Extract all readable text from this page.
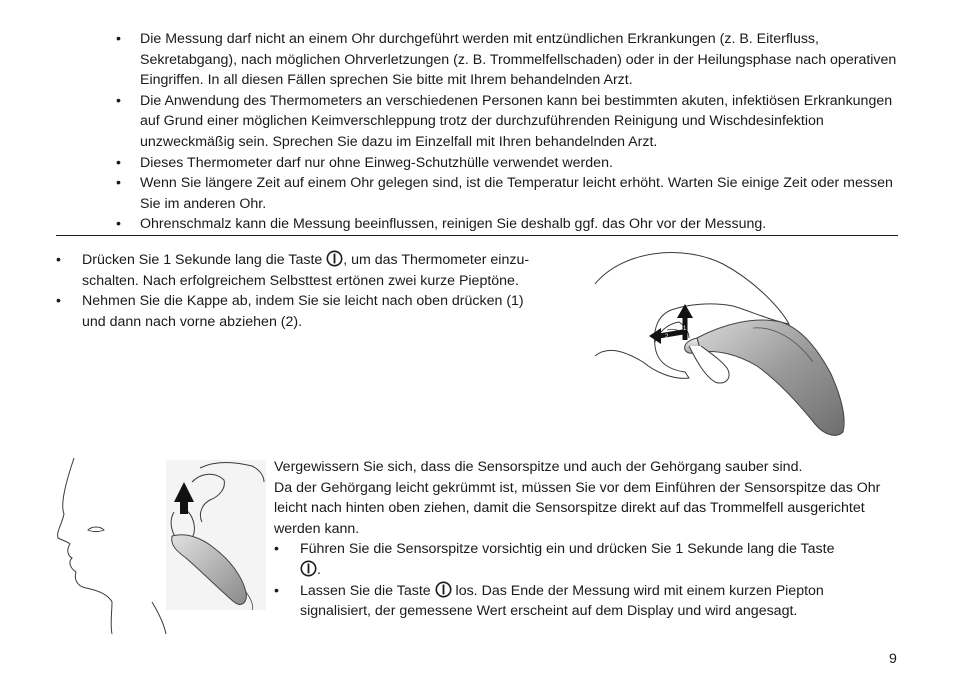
• Die Messung darf nicht an einem Ohr durchgeführt werden mit entzündlichen Erkrankungen (z. B. Eiterfluss, Sekretabgang), nach möglichen Ohrverletzungen (z. B. Trommelfellschaden) oder in der Heilungsphase nach operativen Eingriffen. In all diesen Fällen sprechen Sie bitte mit Ihrem behandelnden Arzt.
• Die Anwendung des Thermometers an verschiedenen Personen kann bei bestimmten akuten, infektiösen Erkrankungen auf Grund einer möglichen Keimverschleppung trotz der durchzuführenden Reinigung und Wischdesinfektion unzweckmäßig sein. Sprechen Sie dazu im Einzelfall mit Ihren behandelnden Arzt.
• Dieses Thermometer darf nur ohne Einweg-Schutzhülle verwendet werden.
• Wenn Sie längere Zeit auf einem Ohr gelegen sind, ist die Temperatur leicht erhöht. Warten Sie einige Zeit oder messen Sie im anderen Ohr.
• Ohrenschmalz kann die Messung beeinflussen, reinigen Sie deshalb ggf. das Ohr vor der Messung.
• Drücken Sie 1 Sekunde lang die Taste , um das Thermometer einzu-
schalten. Nach erfolgreichem Selbsttest ertönen zwei kurze Pieptöne.
• Nehmen Sie die Kappe ab, indem Sie sie leicht nach oben drücken (1)
und dann nach vorne abziehen (2).
2
1

Vergewissern Sie sich, dass die Sensorspitze und auch der Gehörgang sauber sind.

Da der Gehörgang leicht gekrümmt ist, müssen Sie vor dem Einführen der Sensorspitze das Ohr leicht nach hinten oben ziehen, damit die Sensorspitze direkt auf das Trommelfell ausgerichtet werden kann.

• Führen Sie die Sensorspitze vorsichtig ein und drücken Sie 1 Sekunde lang die Taste
.
• Lassen Sie die Taste  los. Das Ende der Messung wird mit einem kurzen Piepton
signalisiert, der gemessene Wert erscheint auf dem Display und wird angesagt.
9
